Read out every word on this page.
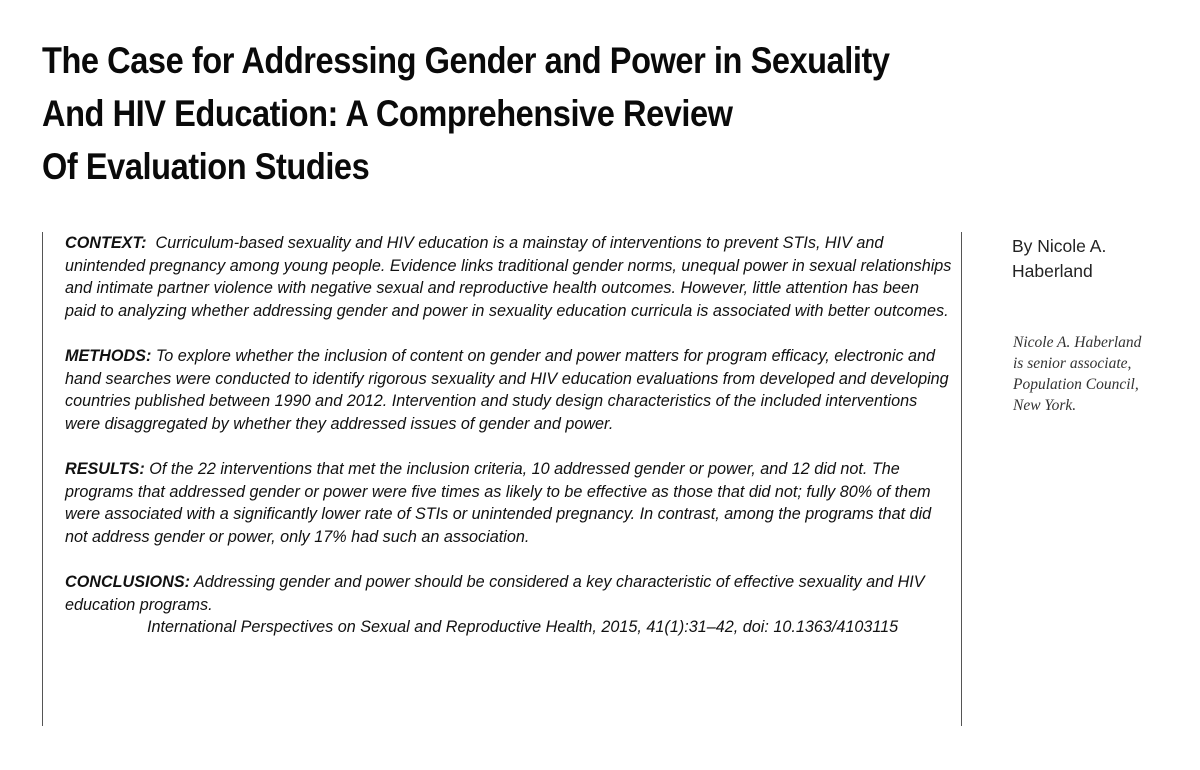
The Case for Addressing Gender and Power in Sexuality
And HIV Education: A Comprehensive Review
Of Evaluation Studies

CONTEXT: Curriculum-based sexuality and HIV education is a mainstay of interventions to prevent STIs, HIV and unintended pregnancy among young people. Evidence links traditional gender norms, unequal power in sexual relationships and intimate partner violence with negative sexual and reproductive health outcomes. However, little attention has been paid to analyzing whether addressing gender and power in sexuality education curricula is associated with better outcomes.

METHODS: To explore whether the inclusion of content on gender and power matters for program efficacy, electronic and hand searches were conducted to identify rigorous sexuality and HIV education evaluations from developed and developing countries published between 1990 and 2012. Intervention and study design characteristics of the included interventions were disaggregated by whether they addressed issues of gender and power.

RESULTS: Of the 22 interventions that met the inclusion criteria, 10 addressed gender or power, and 12 did not. The programs that addressed gender or power were five times as likely to be effective as those that did not; fully 80% of them were associated with a significantly lower rate of STIs or unintended pregnancy. In contrast, among the programs that did not address gender or power, only 17% had such an association.

CONCLUSIONS: Addressing gender and power should be considered a key characteristic of effective sexuality and HIV education programs.
International Perspectives on Sexual and Reproductive Health, 2015, 41(1):31–42, doi: 10.1363/4103115

By Nicole A. Haberland

Nicole A. Haberland
is senior associate,
Population Council,
New York.
